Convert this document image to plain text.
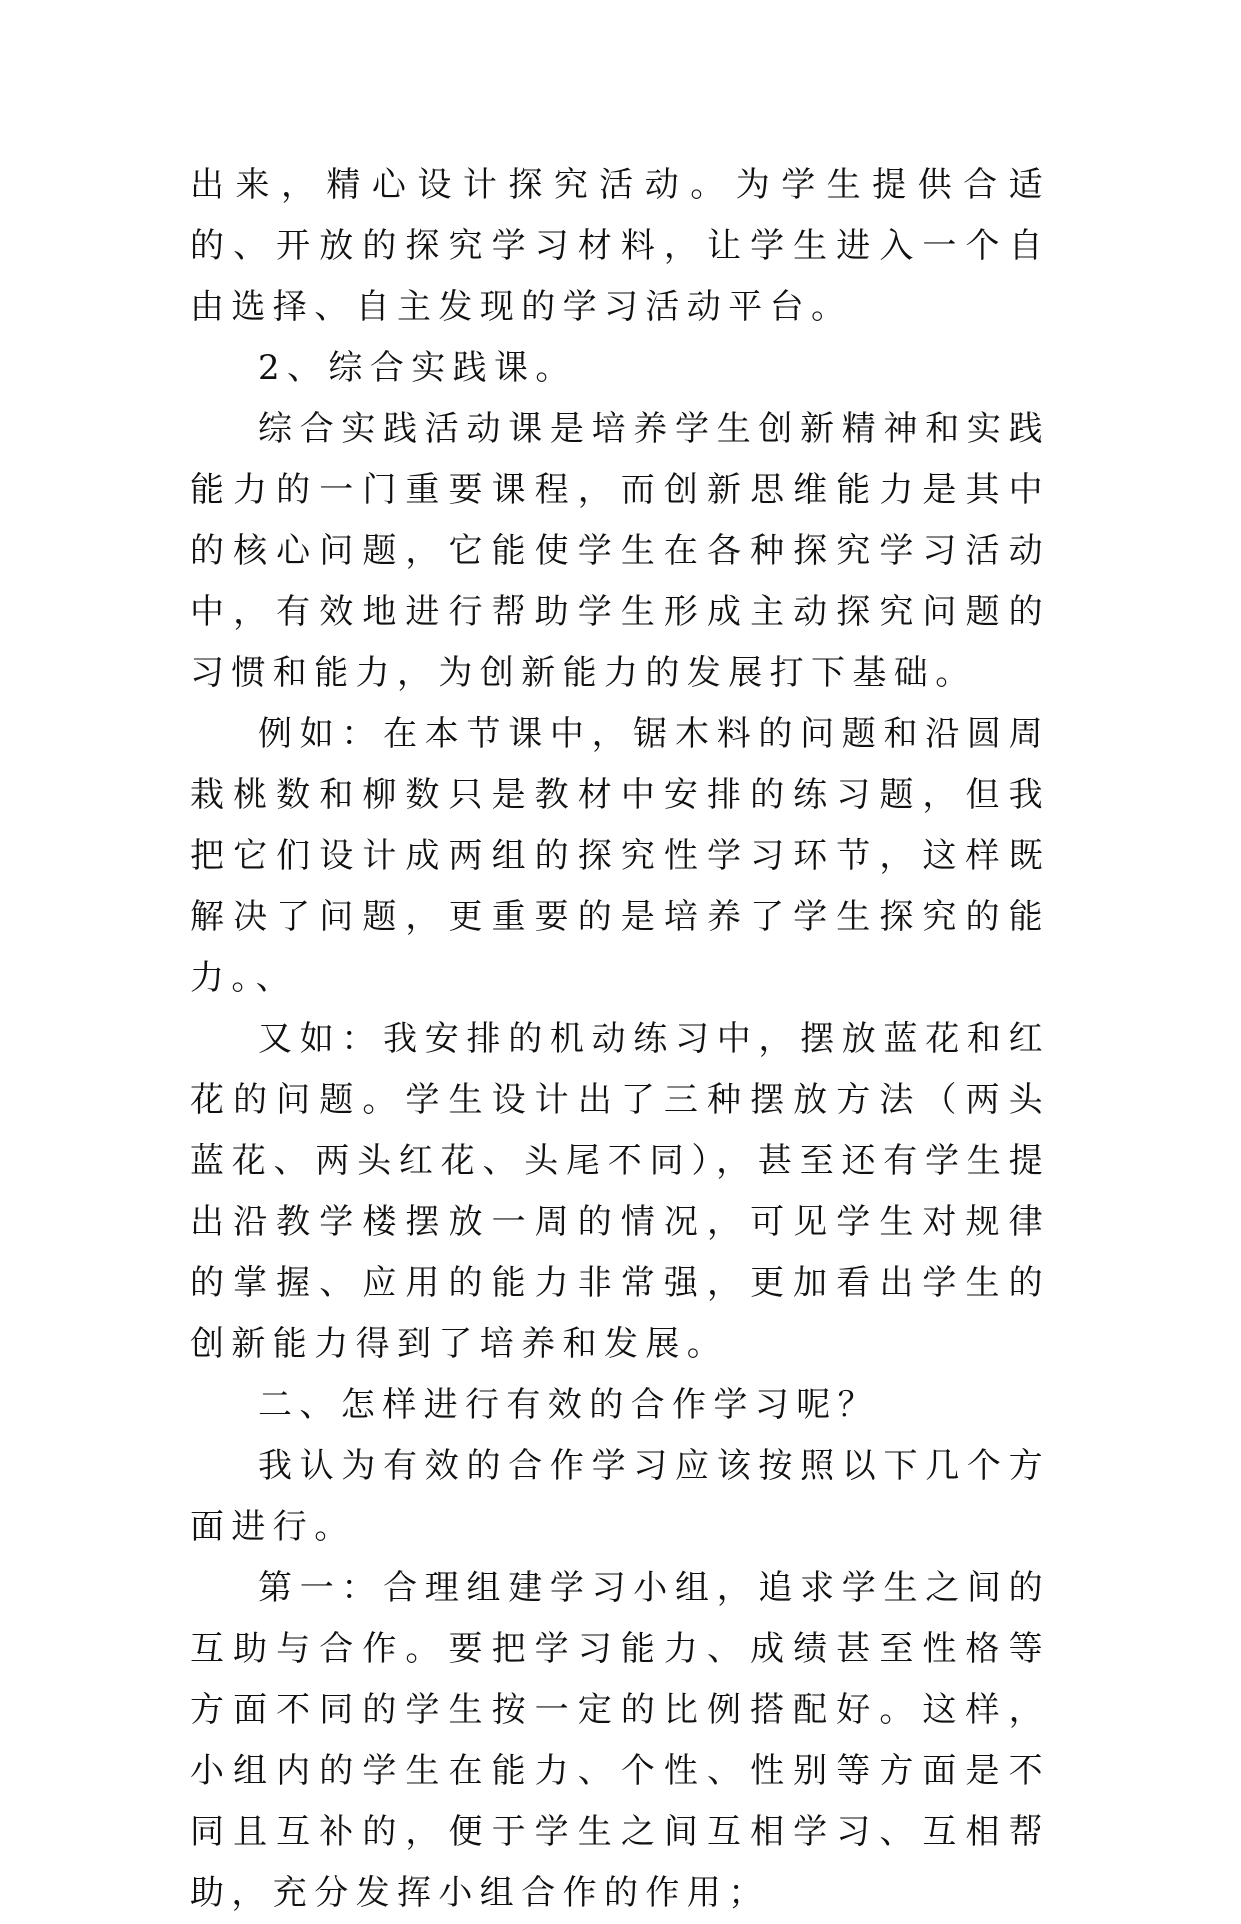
出来，精心设计探究活动。为学生提供合适的、开放的探究学习材料，让学生进入一个自由选择、自主发现的学习活动平台。

2、综合实践课。

综合实践活动课是培养学生创新精神和实践能力的一门重要课程，而创新思维能力是其中的核心问题，它能使学生在各种探究学习活动中，有效地进行帮助学生形成主动探究问题的习惯和能力，为创新能力的发展打下基础。

例如：在本节课中，锯木料的问题和沿圆周栽桃数和柳数只是教材中安排的练习题，但我把它们设计成两组的探究性学习环节，这样既解决了问题，更重要的是培养了学生探究的能力。、

又如：我安排的机动练习中，摆放蓝花和红花的问题。学生设计出了三种摆放方法（两头蓝花、两头红花、头尾不同），甚至还有学生提出沿教学楼摆放一周的情况，可见学生对规律的掌握、应用的能力非常强，更加看出学生的创新能力得到了培养和发展。

二、怎样进行有效的合作学习呢？

我认为有效的合作学习应该按照以下几个方面进行。

第一：合理组建学习小组，追求学生之间的互助与合作。要把学习能力、成绩甚至性格等方面不同的学生按一定的比例搭配好。这样，小组内的学生在能力、个性、性别等方面是不同且互补的，便于学生之间互相学习、互相帮助，充分发挥小组合作的作用；
